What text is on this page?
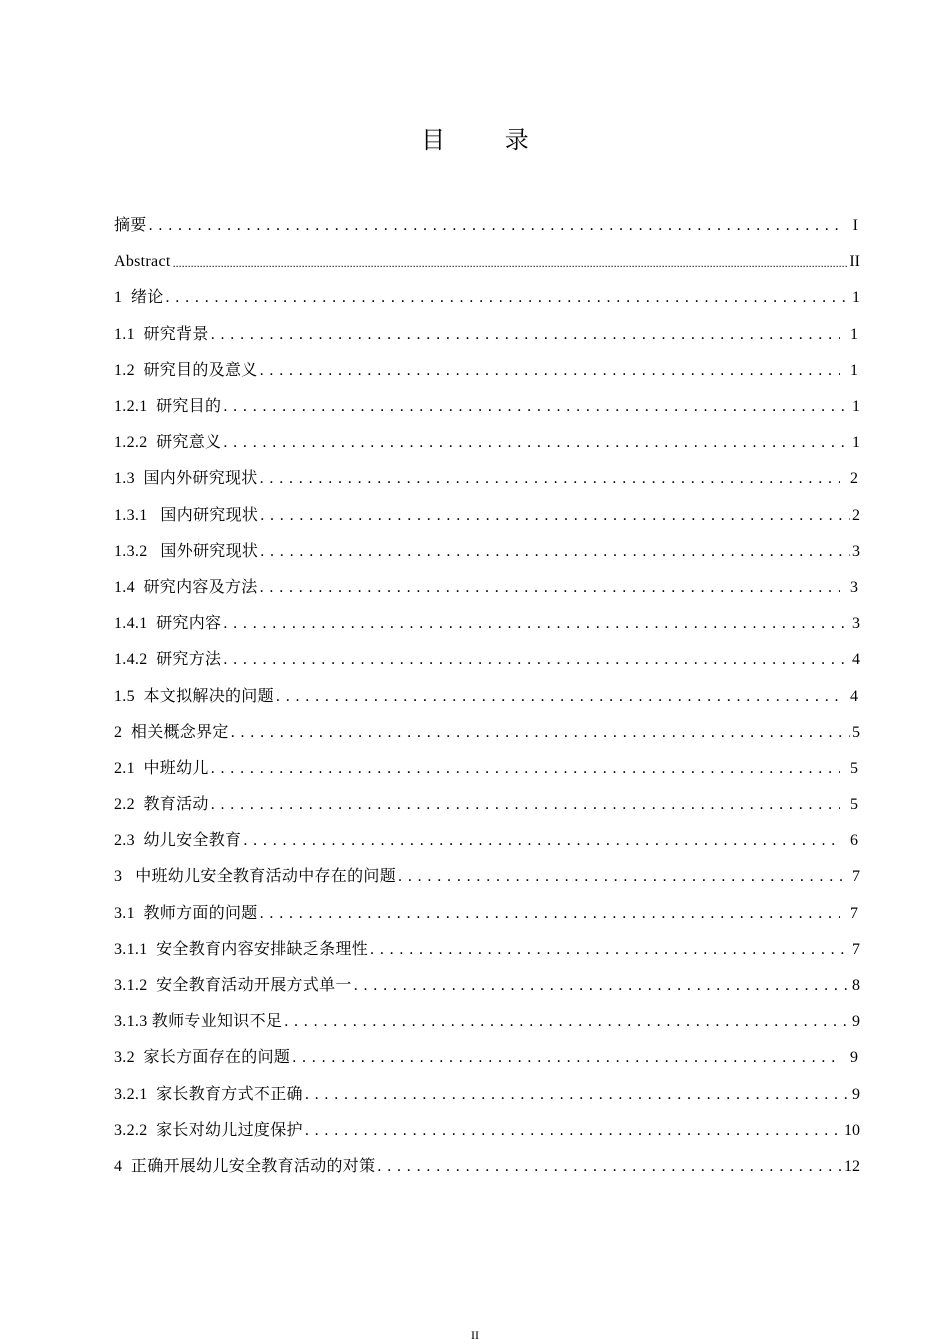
目 录
摘要 . . .	I
Abstract .....	II
1  绪论 . . .	1
1.1  研究背景 . . .	1
1.2  研究目的及意义 . . .	1
1.2.1  研究目的 . . .	1
1.2.2  研究意义 . . .	1
1.3  国内外研究现状 . . .	2
1.3.1   国内研究现状 . . .	2
1.3.2   国外研究现状 . . .	3
1.4  研究内容及方法 . . .	3
1.4.1  研究内容 . . .	3
1.4.2  研究方法 . . .	4
1.5  本文拟解决的问题 . . .	4
2  相关概念界定 . . .	5
2.1  中班幼儿 . . .	5
2.2  教育活动 . . .	5
2.3  幼儿安全教育 . . .	6
3   中班幼儿安全教育活动中存在的问题 . . .	7
3.1  教师方面的问题 . . .	7
3.1.1  安全教育内容安排缺乏条理性 . . .	7
3.1.2  安全教育活动开展方式单一 . . .	8
3.1.3 教师专业知识不足 . . .	9
3.2  家长方面存在的问题 . . .	9
3.2.1  家长教育方式不正确 . . .	9
3.2.2  家长对幼儿过度保护 . . .	10
4  正确开展幼儿安全教育活动的对策 . . .	12
II
